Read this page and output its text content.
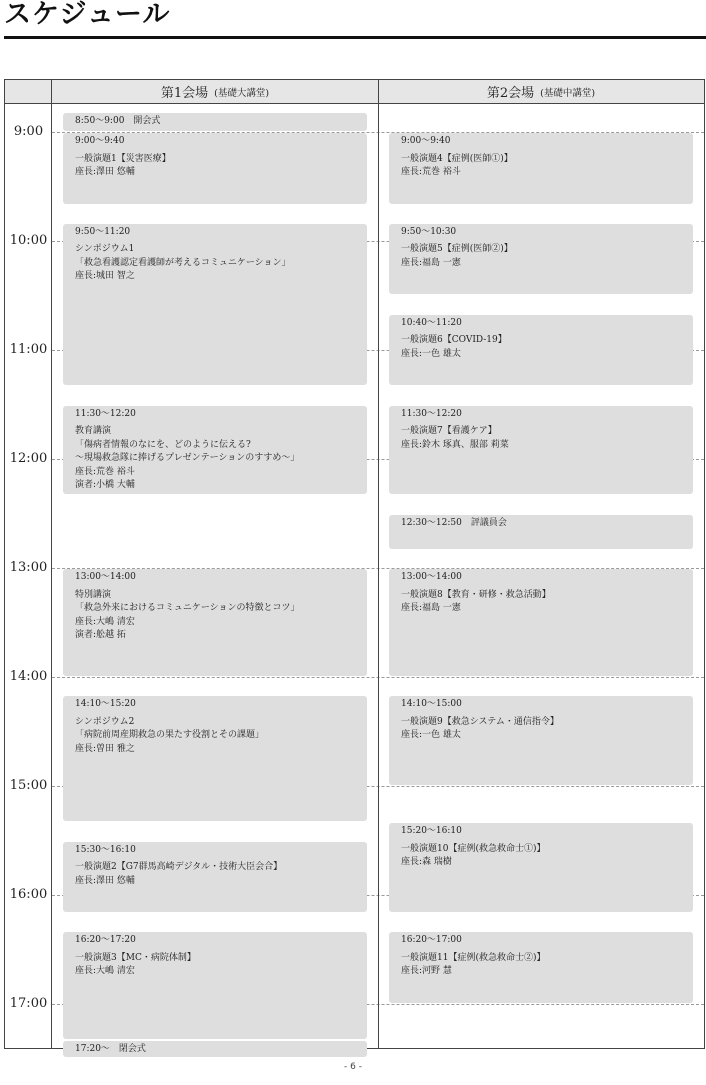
スケジュール
第1会場 (基礎大講堂)	第2会場 (基礎中講堂)
9:00
10:00
11:00
12:00
13:00
14:00
15:00
16:00
17:00
8:50～9:00　開会式
9:00～9:40
一般演題1【災害医療】
座長:澤田 悠輔
9:50～11:20
シンポジウム1
「救急看護認定看護師が考えるコミュニケーション」
座長:城田 智之
11:30～12:20
教育講演
「傷病者情報のなにを、どのように伝える?
～現場救急隊に捧げるプレゼンテーションのすすめ～」
座長:荒巻 裕斗
演者:小橋 大輔
13:00～14:00
特別講演
「救急外来におけるコミュニケーションの特徴とコツ」
座長:大嶋 清宏
演者:舩越 拓
14:10～15:20
シンポジウム2
「病院前周産期救急の果たす役割とその課題」
座長:曽田 雅之
15:30～16:10
一般演題2【G7群馬高崎デジタル・技術大臣会合】
座長:澤田 悠輔
16:20～17:20
一般演題3【MC・病院体制】
座長:大嶋 清宏
17:20～　閉会式
9:00～9:40
一般演題4【症例(医師①)】
座長:荒巻 裕斗
9:50～10:30
一般演題5【症例(医師②)】
座長:福島 一憲
10:40～11:20
一般演題6【COVID-19】
座長:一色 雄太
11:30～12:20
一般演題7【看護ケア】
座長:鈴木 琢真、服部 莉菜
12:30～12:50　評議員会
13:00～14:00
一般演題8【教育・研修・救急活動】
座長:福島 一憲
14:10～15:00
一般演題9【救急システム・通信指令】
座長:一色 雄太
15:20～16:10
一般演題10【症例(救急救命士①)】
座長:森 瑞樹
16:20～17:00
一般演題11【症例(救急救命士②)】
座長:河野 慧
- 6 -
